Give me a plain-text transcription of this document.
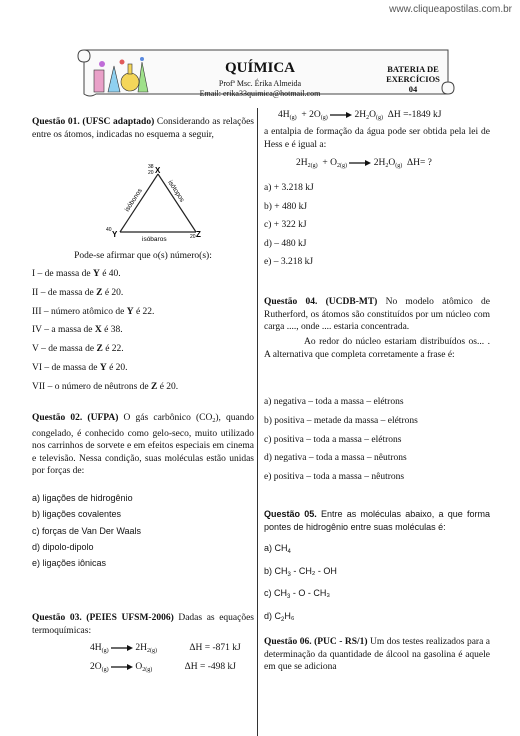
www.cliqueapostilas.com.br
QUÍMICA
Profª Msc. Érika Almeida
Email: erika33quimica@hotmail.com
BATERIA DE
EXERCÍCIOS
04
Questão 01. (UFSC adaptado) Considerando as relações entre os átomos, indicadas no esquema a seguir,
38
20 X
40 Y	20 Z
isóbonos	isótopos
isóbaros
Pode-se afirmar que o(s) número(s):
I – de massa de Y é 40.
II – de massa de Z é 20.
III – número atômico de Y é 22.
IV – a massa de X é 38.
V – de massa de Z é 22.
VI – de massa de Y é 20.
VII – o número de nêutrons de Z é 20.
Questão 02. (UFPA) O gás carbônico $(CO_2)$, quando congelado, é conhecido como gelo-seco, muito utilizado nos carrinhos de sorvete e em efeitos especiais em cinema e televisão. Nessa condição, suas moléculas estão unidas por forças de:
a) ligações de hidrogênio
b) ligações covalentes
c) forças de Van Der Waals
d) dipolo-dipolo
e) ligações iônicas
Questão 03. (PEIES UFSM-2006) Dadas as equações termoquímicas:
$4H_{(g)} \to 2H_{2(g)}$	ΔH = -871 kJ
$2O_{(g)} \to O_{2(g)}$	ΔH = -498 kJ
$4H_{(g)} + 2O_{(g)} \to 2H_2O_{(g)}$ ΔH =-1849 kJ
a entalpia de formação da água pode ser obtida pela lei de Hess e é igual a:
$2H_{2(g)} + O_{2(g)} \to 2H_2O_{(g)}$ ΔH= ?
a) + 3.218 kJ
b) + 480 kJ
c) + 322 kJ
d) – 480 kJ
e) – 3.218 kJ
Questão 04. (UCDB-MT) No modelo atômico de Rutherford, os átomos são constituídos por um núcleo com carga ...., onde .... estaria concentrada.
Ao redor do núcleo estariam distribuídos os... . A alternativa que completa corretamente a frase é:
a) negativa – toda a massa – elétrons
b) positiva – metade da massa – elétrons
c) positiva – toda a massa – elétrons
d) negativa – toda a massa – nêutrons
e) positiva – toda a massa – nêutrons
Questão 05. Entre as moléculas abaixo, a que forma pontes de hidrogênio entre suas moléculas é:
a) $CH_4$
b) $CH_3 - CH_2$ - OH
c) $CH_3$ - O - CH₃
d) $C_2H_6$
Questão 06. (PUC - RS/1) Um dos testes realizados para a determinação da quantidade de álcool na gasolina é aquele em que se adiciona
